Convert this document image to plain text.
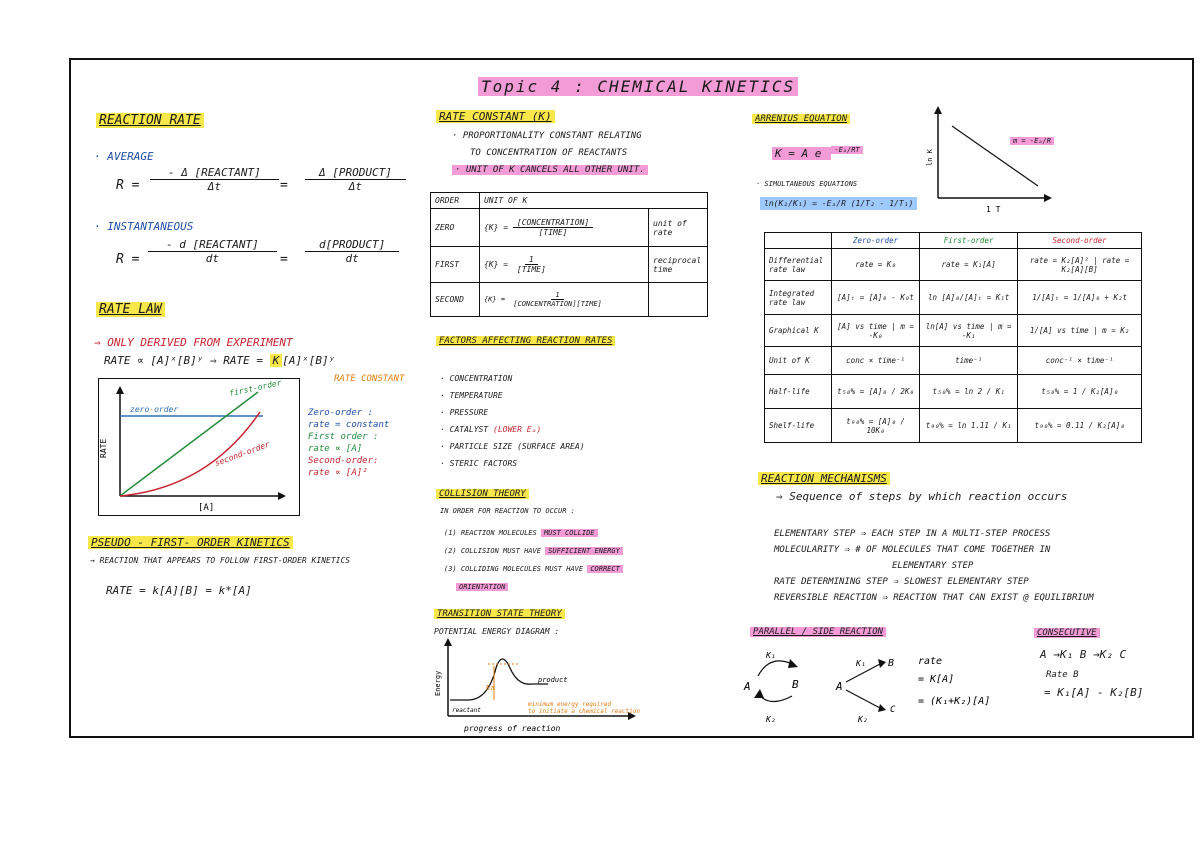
Topic 4 : CHEMICAL KINETICS
REACTION RATE
· AVERAGE
$R = \frac{\text{- Δ [REACTANT]}}{\Delta t} = \frac{\text{Δ [PRODUCT]}}{\Delta t}$
· INSTANTANEOUS
$R = \frac{\text{- d [REACTANT]}}{dt} = \frac{\text{d[PRODUCT]}}{dt}$
RATE LAW
⇒ ONLY DERIVED FROM EXPERIMENT
RATE ∝ [A]ˣ[B]ʸ ⇒ RATE = K [A]ˣ[B]ʸ
RATE CONSTANT
RATE
[A]
first-order
zero-order
second-order
Zero-order :
rate = constant
First order :
rate ∝ [A]
Second-order:
rate ∝ [A]²
PSEUDO - FIRST- ORDER KINETICS
→ REACTION THAT APPEARS TO FOLLOW FIRST-ORDER KINETICS
RATE = k[A][B] = k*[A]
RATE CONSTANT (K)
· PROPORTIONALITY CONSTANT RELATING
TO CONCENTRATION OF REACTANTS
· UNIT OF K CANCELS ALL OTHER UNIT.
ORDER	UNIT OF K	
ZERO	$\{K\} = \frac{\text{[CONCENTRATION]}}{\text{[TIME]}}$	unit of rate
FIRST	$\{K\} = \frac{1}{\text{[TIME]}}$	reciprocal time
SECOND	$\{K\} = \frac{1}{\text{[CONCENTRATION][TIME]}}$

FACTORS AFFECTING REACTION RATES
· CONCENTRATION
· TEMPERATURE
· PRESSURE
· CATALYST (LOWER Eₐ)
· PARTICLE SIZE (SURFACE AREA)
· STERIC FACTORS
COLLISION THEORY
IN ORDER FOR REACTION TO OCCUR :
(1) REACTION MOLECULES MUST COLLIDE
(2) COLLISION MUST HAVE SUFFICIENT ENERGY
(3) COLLIDING MOLECULES MUST HAVE CORRECT
ORIENTATION
TRANSITION STATE THEORY
POTENTIAL ENERGY DIAGRAM :
Ea
Energy
reactant
product
minimum energy required
to initiate a chemical reaction
progress of reaction
ARRENIUS EQUATION
K = A e $^{-E_a/RT}$
· SIMULTANEOUS EQUATIONS
ln(K₂/K₁) = -Eₐ/R (1/T₂ - 1/T₁)
ln K
1 T
m = -Eₐ/R
	Zero-order	First-order	Second-order
Differential rate law	rate = K₀	rate = K₁[A]	rate = K₂[A]² | rate = K₂[A][B]
Integrated rate law	[A]ₜ = [A]₀ - K₀t	ln [A]₀/[A]ₜ = K₁t	1/[A]ₜ = 1/[A]₀ + K₂t
Graphical K	[A] vs time | m = -K₀	ln[A] vs time | m = -K₁	1/[A] vs time | m = K₂
Unit of K	conc × time⁻¹	time⁻¹	conc⁻¹ × time⁻¹
Half-life	t₅₀% = [A]₀ / 2K₀	t₅₀% = ln 2 / K₁	t₅₀% = 1 / K₂[A]₀
Shelf-life	t₉₀% = [A]₀ / 10K₀	t₉₀% = ln 1.11 / K₁	t₉₀% = 0.11 / K₂[A]₀
REACTION MECHANISMS
⇒ Sequence of steps by which reaction occurs
ELEMENTARY STEP ⇒ EACH STEP IN A MULTI-STEP PROCESS
MOLECULARITY ⇒ # OF MOLECULES THAT COME TOGETHER IN
ELEMENTARY STEP
RATE DETERMINING STEP ⇒ SLOWEST ELEMENTARY STEP
REVERSIBLE REACTION ⇒ REACTION THAT CAN EXIST @ EQUILIBRIUM
PARALLEL / SIDE REACTION
A	B
K₁
K₂
A
B
C
K₁
K₂
rate
= K[A]
= (K₁+K₂)[A]
CONSECUTIVE
A →K₁ B →K₂ C
Rate B
= K₁[A] - K₂[B]
